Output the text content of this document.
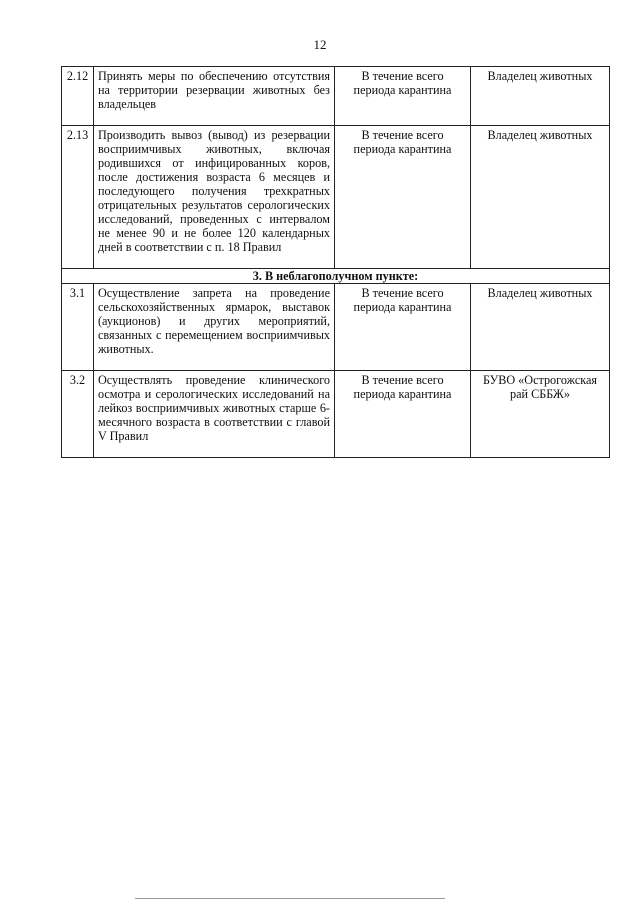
12
2.12	Принять меры по обеспечению отсутствия на территории резервации животных без владельцев	В течение всего периода карантина	Владелец животных
2.13	Производить вывоз (вывод) из резервации восприимчивых животных, включая родившихся от инфицированных коров, после достижения возраста 6 месяцев и последующего получения трехкратных отрицательных результатов серологических исследований, проведенных с интервалом не менее 90 и не более 120 календарных дней в соответствии с п. 18 Правил	В течение всего периода карантина	Владелец животных
3. В неблагополучном пункте:			
3.1	Осуществление запрета на проведение сельскохозяйственных ярмарок, выставок (аукционов) и других мероприятий, связанных с перемещением восприимчивых животных.	В течение всего периода карантина	Владелец животных
3.2	Осуществлять проведение клинического осмотра и серологических исследований на лейкоз восприимчивых животных старше 6-месячного возраста в соответствии с главой V Правил	В течение всего периода карантина	БУВО «Острогожская рай СББЖ»
